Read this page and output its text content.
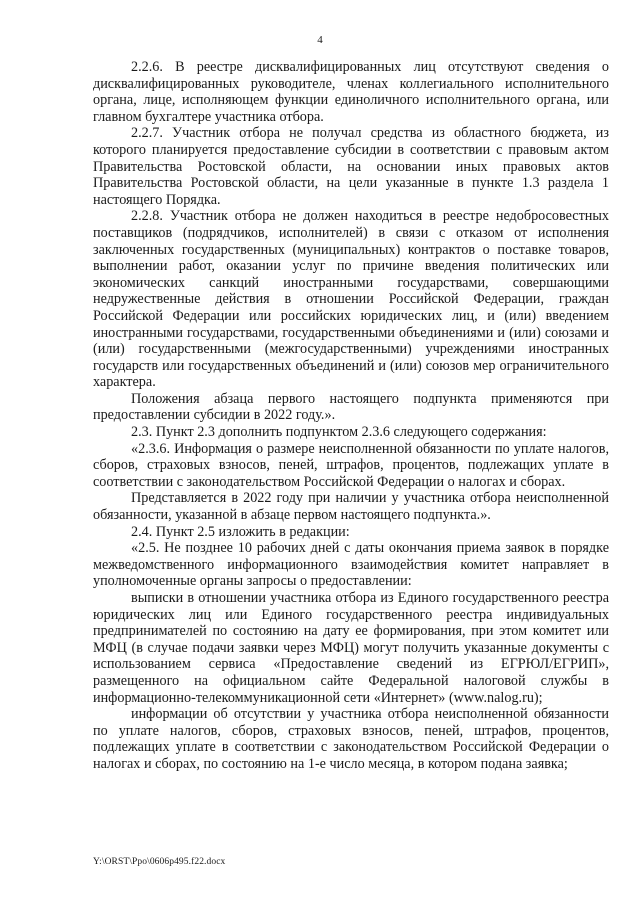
4

2.2.6. В реестре дисквалифицированных лиц отсутствуют сведения о дисквалифицированных руководителе, членах коллегиального исполнительного органа, лице, исполняющем функции единоличного исполнительного органа, или главном бухгалтере участника отбора.

2.2.7. Участник отбора не получал средства из областного бюджета, из которого планируется предоставление субсидии в соответствии с правовым актом Правительства Ростовской области, на основании иных правовых актов Правительства Ростовской области, на цели указанные в пункте 1.3 раздела 1 настоящего Порядка.

2.2.8. Участник отбора не должен находиться в реестре недобросовестных поставщиков (подрядчиков, исполнителей) в связи с отказом от исполнения заключенных государственных (муниципальных) контрактов о поставке товаров, выполнении работ, оказании услуг по причине введения политических или экономических санкций иностранными государствами, совершающими недружественные действия в отношении Российской Федерации, граждан Российской Федерации или российских юридических лиц, и (или) введением иностранными государствами, государственными объединениями и (или) союзами и (или) государственными (межгосударственными) учреждениями иностранных государств или государственных объединений и (или) союзов мер ограничительного характера.

Положения абзаца первого настоящего подпункта применяются при предоставлении субсидии в 2022 году.».

2.3. Пункт 2.3 дополнить подпунктом 2.3.6 следующего содержания:

«2.3.6. Информация о размере неисполненной обязанности по уплате налогов, сборов, страховых взносов, пеней, штрафов, процентов, подлежащих уплате в соответствии с законодательством Российской Федерации о налогах и сборах.

Представляется в 2022 году при наличии у участника отбора неисполненной обязанности, указанной в абзаце первом настоящего подпункта.».

2.4. Пункт 2.5 изложить в редакции:

«2.5. Не позднее 10 рабочих дней с даты окончания приема заявок в порядке межведомственного информационного взаимодействия комитет направляет в уполномоченные органы запросы о предоставлении:

выписки в отношении участника отбора из Единого государственного реестра юридических лиц или Единого государственного реестра индивидуальных предпринимателей по состоянию на дату ее формирования, при этом комитет или МФЦ (в случае подачи заявки через МФЦ) могут получить указанные документы с использованием сервиса «Предоставление сведений из ЕГРЮЛ/ЕГРИП», размещенного на официальном сайте Федеральной налоговой службы в информационно-телекоммуникационной сети «Интернет» (www.nalog.ru);

информации об отсутствии у участника отбора неисполненной обязанности по уплате налогов, сборов, страховых взносов, пеней, штрафов, процентов, подлежащих уплате в соответствии с законодательством Российской Федерации о налогах и сборах, по состоянию на 1-е число месяца, в котором подана заявка;

Y:\ORST\Ppo\0606p495.f22.docx
